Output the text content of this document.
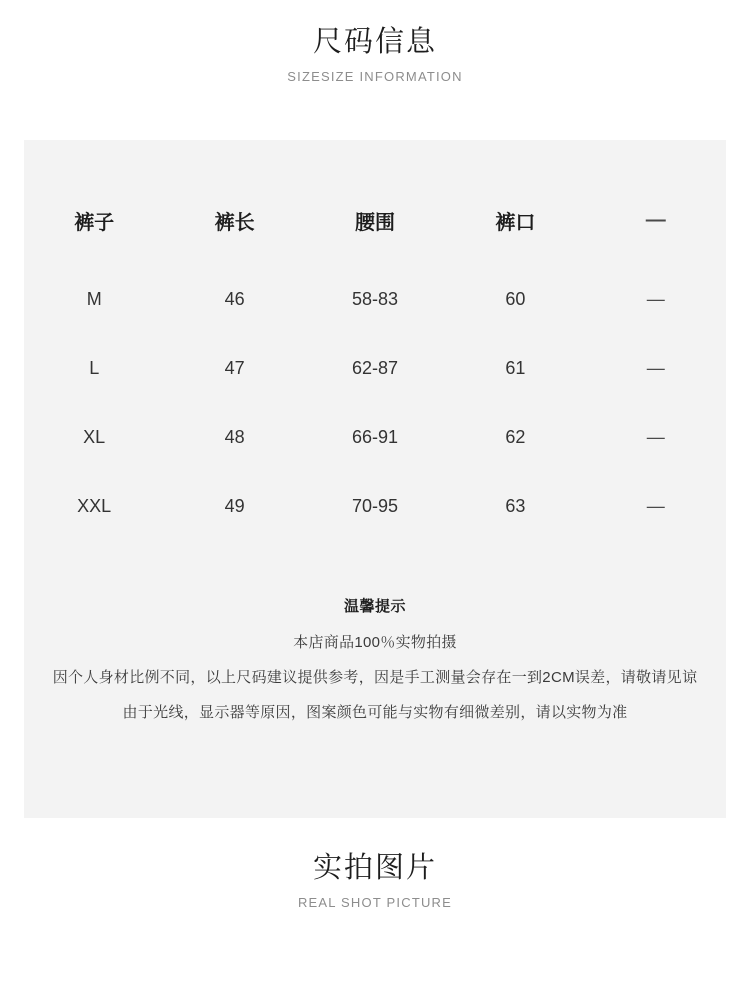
尺码信息
SIZESIZE INFORMATION
裤子	裤长	腰围	裤口	—
M	46	58-83	60	—
L	47	62-87	61	—
XL	48	66-91	62	—
XXL	49	70-95	63	—
温馨提示
本店商品100％实物拍摄
因个人身材比例不同，以上尺码建议提供参考，因是手工测量会存在一到2CM误差，请敬请见谅
由于光线，显示器等原因，图案颜色可能与实物有细微差别，请以实物为准
实拍图片
REAL SHOT PICTURE
